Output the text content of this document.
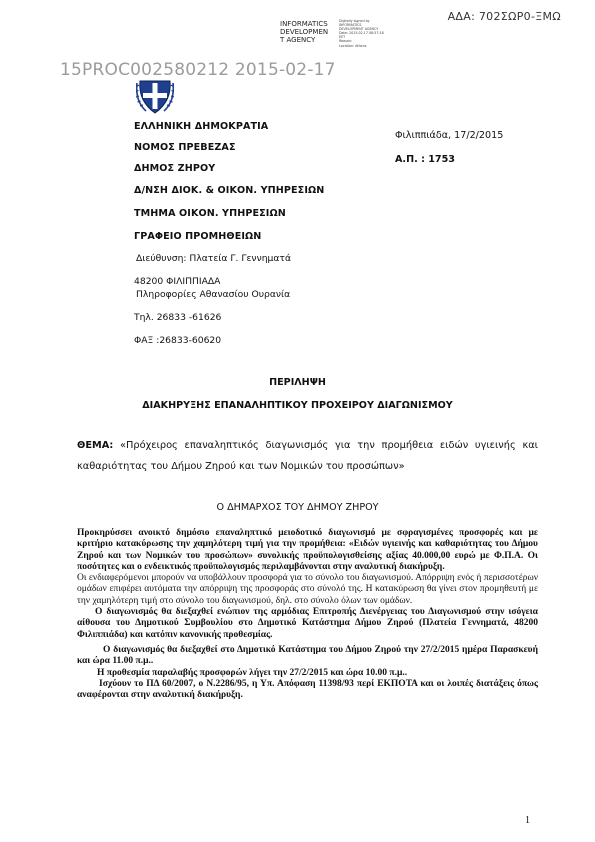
ΑΔΑ: 702ΣΩΡ0-ΞΜΩ
INFORMATICS
DEVELOPMEN
T AGENCY
Digitally signed by
INFORMATICS
DEVELOPMENT AGENCY
Date: 2015.02.17 08:57:18
EET
Reason:
Location: Athens
15PROC002580212 2015-02-17
ΕΛΛΗΝΙΚΗ ΔΗΜΟΚΡΑΤΙΑ
ΝΟΜΟΣ ΠΡΕΒΕΖΑΣ
ΔΗΜΟΣ ΖΗΡΟΥ
Δ/ΝΣΗ ΔΙΟΚ. & ΟΙΚΟΝ. ΥΠΗΡΕΣΙΩΝ
ΤΜΗΜΑ ΟΙΚΟΝ. ΥΠΗΡΕΣΙΩΝ
ΓΡΑΦΕΙΟ ΠΡΟΜΗΘΕΙΩΝ
Διεύθυνση: Πλατεία Γ. Γεννηματά
48200 ΦΙΛΙΠΠΙΑΔΑ
Πληροφορίες Αθανασίου Ουρανία
Τηλ. 26833 -61626
ΦΑΞ :26833-60620
Φιλιππιάδα, 17/2/2015
Α.Π. : 1753
ΠΕΡΙΛΗΨΗ
ΔΙΑΚΗΡΥΞΗΣ ΕΠΑΝΑΛΗΠΤΙΚΟΥ ΠΡΟΧΕΙΡΟΥ ΔΙΑΓΩΝΙΣΜΟΥ
ΘΕΜΑ: «Πρόχειρος επαναληπτικός διαγωνισμός για την προμήθεια ειδών υγιεινής και καθαριότητας του Δήμου Ζηρού και των Νομικών του προσώπων»
Ο ΔΗΜΑΡΧΟΣ ΤΟΥ ΔΗΜΟΥ ΖΗΡΟΥ

Προκηρύσσει ανοικτό δημόσιο επαναληπτικό μειοδοτικό διαγωνισμό με σφραγισμένες προσφορές και με κριτήριο κατακύρωσης την χαμηλότερη τιμή για την προμήθεια: «Ειδών υγιεινής και καθαριότητας του Δήμου Ζηρού και των Νομικών του προσώπων» συνολικής προϋπολογισθείσης αξίας 40.000,00 ευρώ με Φ.Π.Α. Οι ποσότητες και ο ενδεικτικός προϋπολογισμός περιλαμβάνονται στην αναλυτική διακήρυξη.

Οι ενδιαφερόμενοι μπορούν να υποβάλλουν προσφορά για το σύνολο του διαγωνισμού. Απόρριψη ενός ή περισσοτέρων ομάδων επιφέρει αυτόματα την απόρριψη της προσφοράς στο σύνολό της. Η κατακύρωση θα γίνει στον προμηθευτή με την χαμηλότερη τιμή στο σύνολο του διαγωνισμού, δηλ. στο σύνολο όλων των ομάδων.

Ο διαγωνισμός θα διεξαχθεί ενώπιον της αρμόδιας Επιτροπής Διενέργειας του Διαγωνισμού στην ισόγεια αίθουσα του Δημοτικού Συμβουλίου στο Δημοτικό Κατάστημα Δήμου Ζηρού (Πλατεία Γεννηματά, 48200 Φιλιππιάδα) και κατόπιν κανονικής προθεσμίας.

Ο διαγωνισμός θα διεξαχθεί στο Δημοτικό Κατάστημα του Δήμου Ζηρού την 27/2/2015 ημέρα Παρασκευή και ώρα 11.00 π.μ..

Η προθεσμία παραλαβής προσφορών λήγει την 27/2/2015 και ώρα 10.00 π.μ..

Ισχύουν το ΠΔ 60/2007, ο Ν.2286/95, η Υπ. Απόφαση 11398/93 περί ΕΚΠΟΤΑ και οι λοιπές διατάξεις όπως αναφέρονται στην αναλυτική διακήρυξη.

1
